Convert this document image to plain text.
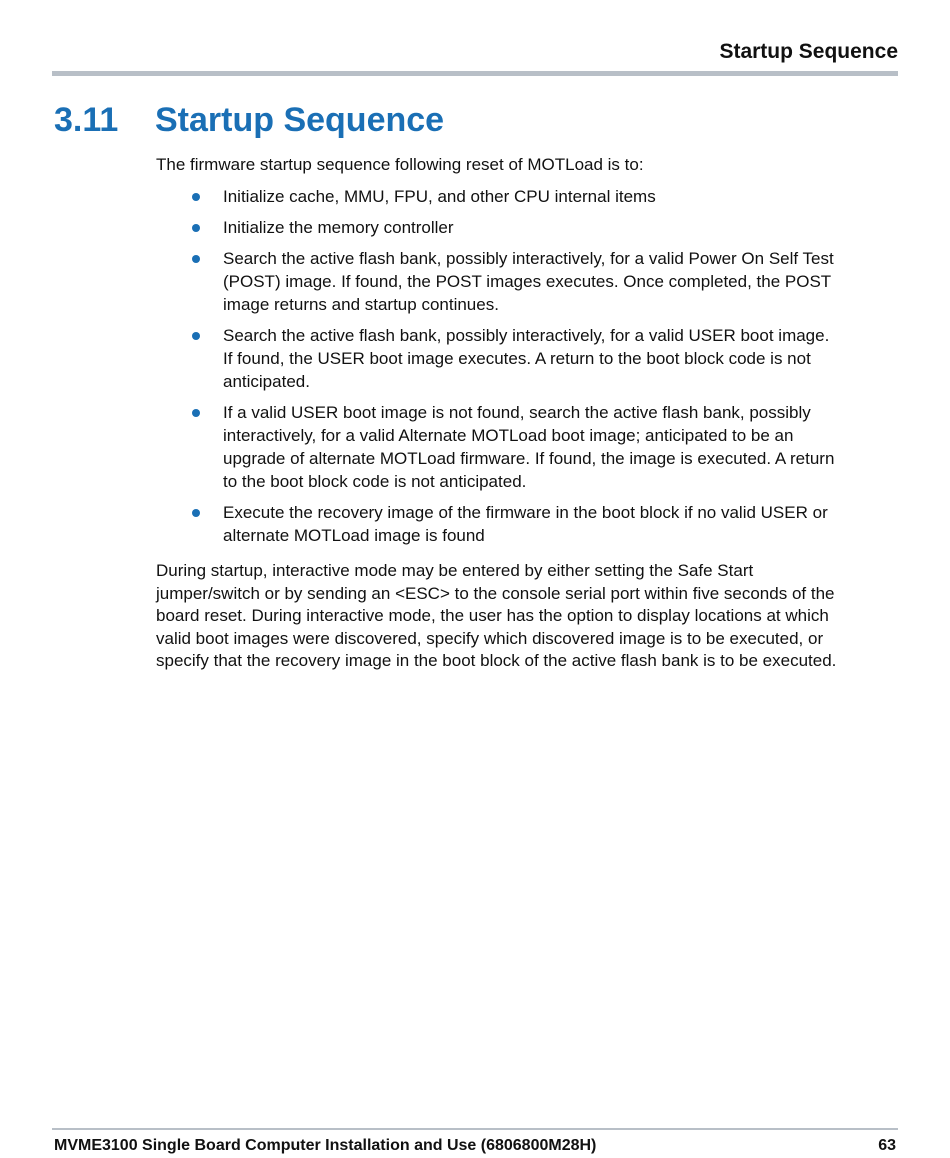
Startup Sequence
3.11 Startup Sequence
The firmware startup sequence following reset of MOTLoad is to:
Initialize cache, MMU, FPU, and other CPU internal items
Initialize the memory controller
Search the active flash bank, possibly interactively, for a valid Power On Self Test
(POST) image. If found, the POST images executes. Once completed, the POST
image returns and startup continues.
Search the active flash bank, possibly interactively, for a valid USER boot image.
If found, the USER boot image executes. A return to the boot block code is not
anticipated.
If a valid USER boot image is not found, search the active flash bank, possibly
interactively, for a valid Alternate MOTLoad boot image; anticipated to be an
upgrade of alternate MOTLoad firmware. If found, the image is executed. A return
to the boot block code is not anticipated.
Execute the recovery image of the firmware in the boot block if no valid USER or
alternate MOTLoad image is found
During startup, interactive mode may be entered by either setting the Safe Start
jumper/switch or by sending an <ESC> to the console serial port within five seconds of the
board reset. During interactive mode, the user has the option to display locations at which
valid boot images were discovered, specify which discovered image is to be executed, or
specify that the recovery image in the boot block of the active flash bank is to be executed.
MVME3100 Single Board Computer Installation and Use (6806800M28H)	63
